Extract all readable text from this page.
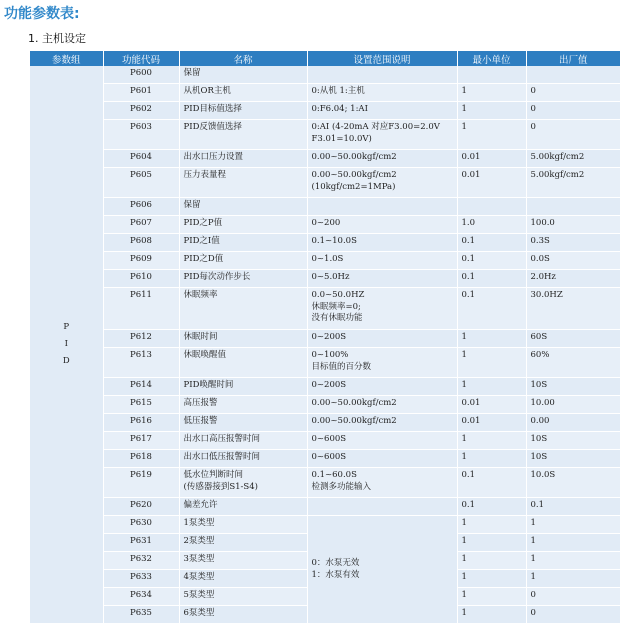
功能参数表:
1. 主机设定
参数组	功能代码	名称	设置范围说明	最小单位	出厂值
P
I
D	P600	保留			
	P601	从机OR主机	0:从机 1:主机	1	0
	P602	PID目标值选择	0:F6.04; 1:AI	1	0
	P603	PID反馈值选择	0:AI (4-20mA 对应F3.00=2.0V
F3.01=10.0V)	1	0
	P604	出水口压力设置	0.00~50.00kgf/cm2	0.01	5.00kgf/cm2
	P605	压力表量程	0.00~50.00kgf/cm2
(10kgf/cm2=1MPa)	0.01	5.00kgf/cm2
	P606	保留			
	P607	PID之P值	0~200	1.0	100.0
	P608	PID之I值	0.1~10.0S	0.1	0.3S
	P609	PID之D值	0~1.0S	0.1	0.0S
	P610	PID每次动作步长	0~5.0Hz	0.1	2.0Hz
	P611	休眠频率	0.0~50.0HZ
休眠频率=0;
没有休眠功能	0.1	30.0HZ
	P612	休眠时间	0~200S	1	60S
	P613	休眠唤醒值	0~100%
目标值的百分数	1	60%
	P614	PID唤醒时间	0~200S	1	10S
	P615	高压报警	0.00~50.00kgf/cm2	0.01	10.00
	P616	低压报警	0.00~50.00kgf/cm2	0.01	0.00
	P617	出水口高压报警时间	0~600S	1	10S
	P618	出水口低压报警时间	0~600S	1	10S
	P619	低水位判断时间
(传感器接到S1-S4)	0.1~60.0S
检测多功能输入	0.1	10.0S
	P620	偏差允许		0.1	0.1
	P630	1泵类型	0：水泵无效
1：水泵有效	1	1
	P631	2泵类型		1	1
	P632	3泵类型		1	1
	P633	4泵类型		1	1
	P634	5泵类型		1	0
	P635	6泵类型		1	0
